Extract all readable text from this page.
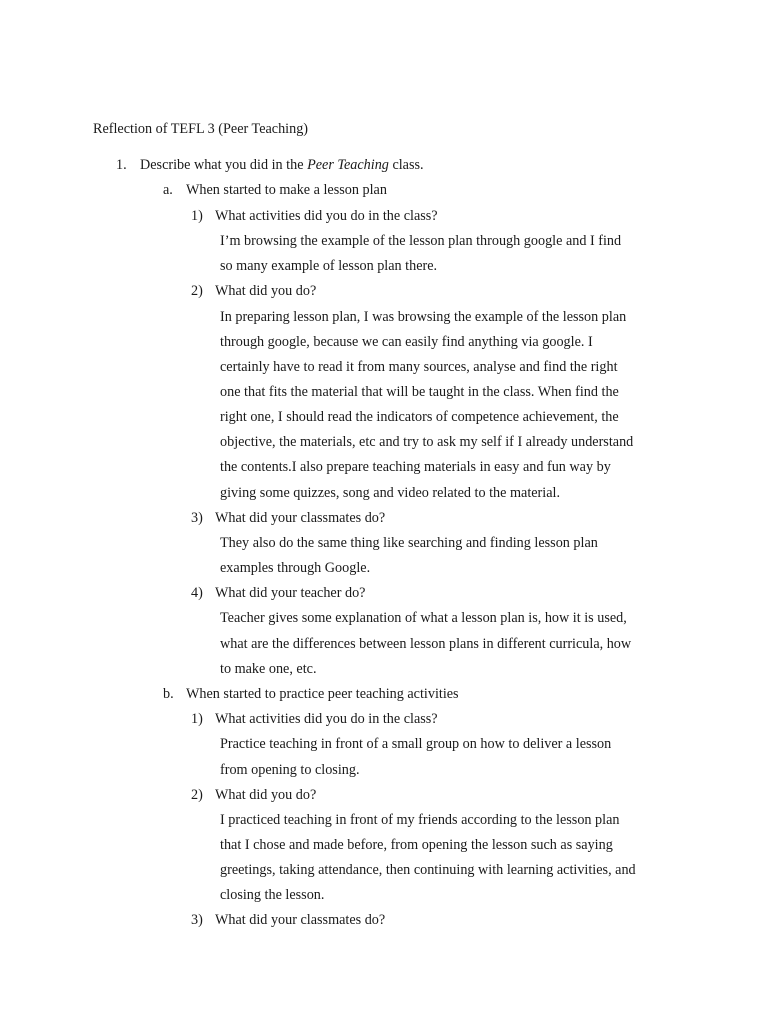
Reflection of TEFL 3 (Peer Teaching)
1. Describe what you did in the Peer Teaching class.
a. When started to make a lesson plan
1) What activities did you do in the class?
I’m browsing the example of the lesson plan through google and I find
so many example of lesson plan there.
2) What did you do?
In preparing lesson plan, I was browsing the example of the lesson plan
through google, because we can easily find anything via google. I
certainly have to read it from many sources, analyse and find the right
one that fits the material that will be taught in the class. When find the
right one, I should read the indicators of competence achievement, the
objective, the materials, etc and try to ask my self if I already understand
the contents.I also prepare teaching materials in easy and fun way by
giving some quizzes, song and video related to the material.
3) What did your classmates do?
They also do the same thing like searching and finding lesson plan
examples through Google.
4) What did your teacher do?
Teacher gives some explanation of what a lesson plan is, how it is used,
what are the differences between lesson plans in different curricula, how
to make one, etc.
b. When started to practice peer teaching activities
1) What activities did you do in the class?
Practice teaching in front of a small group on how to deliver a lesson
from opening to closing.
2) What did you do?
I practiced teaching in front of my friends according to the lesson plan
that I chose and made before, from opening the lesson such as saying
greetings, taking attendance, then continuing with learning activities, and
closing the lesson.
3) What did your classmates do?
